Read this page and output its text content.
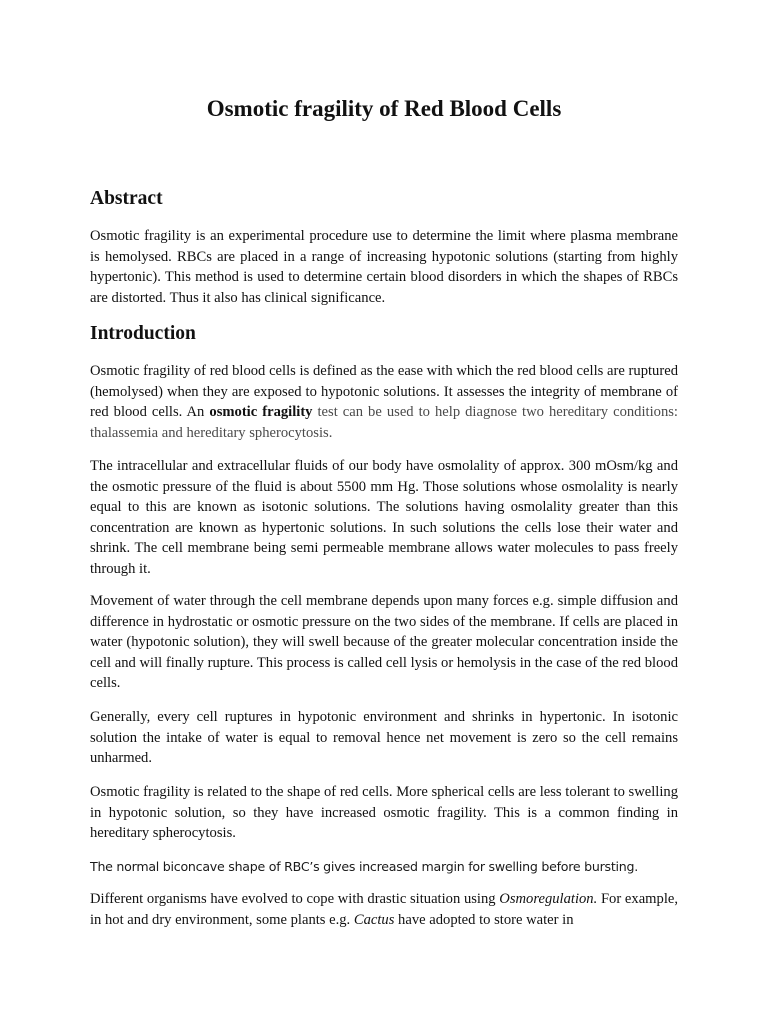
Osmotic fragility of Red Blood Cells
Abstract

Osmotic fragility is an experimental procedure use to determine the limit where plasma membrane is hemolysed. RBCs are placed in a range of increasing hypotonic solutions (starting from highly hypertonic). This method is used to determine certain blood disorders in which the shapes of RBCs are distorted. Thus it also has clinical significance.

Introduction

Osmotic fragility of red blood cells is defined as the ease with which the red blood cells are ruptured (hemolysed) when they are exposed to hypotonic solutions. It assesses the integrity of membrane of red blood cells. An osmotic fragility test can be used to help diagnose two hereditary conditions: thalassemia and hereditary spherocytosis.

The intracellular and extracellular fluids of our body have osmolality of approx. 300 mOsm/kg and the osmotic pressure of the fluid is about 5500 mm Hg. Those solutions whose osmolality is nearly equal to this are known as isotonic solutions. The solutions having osmolality greater than this concentration are known as hypertonic solutions. In such solutions the cells lose their water and shrink. The cell membrane being semi permeable membrane allows water molecules to pass freely through it.

Movement of water through the cell membrane depends upon many forces e.g. simple diffusion and difference in hydrostatic or osmotic pressure on the two sides of the membrane. If cells are placed in water (hypotonic solution), they will swell because of the greater molecular concentration inside the cell and will finally rupture. This process is called cell lysis or hemolysis in the case of the red blood cells.

Generally, every cell ruptures in hypotonic environment and shrinks in hypertonic. In isotonic solution the intake of water is equal to removal hence net movement is zero so the cell remains unharmed.

Osmotic fragility is related to the shape of red cells. More spherical cells are less tolerant to swelling in hypotonic solution, so they have increased osmotic fragility. This is a common finding in hereditary spherocytosis.

The normal biconcave shape of RBC’s gives increased margin for swelling before bursting.

Different organisms have evolved to cope with drastic situation using Osmoregulation. For example, in hot and dry environment, some plants e.g. Cactus have adopted to store water in
